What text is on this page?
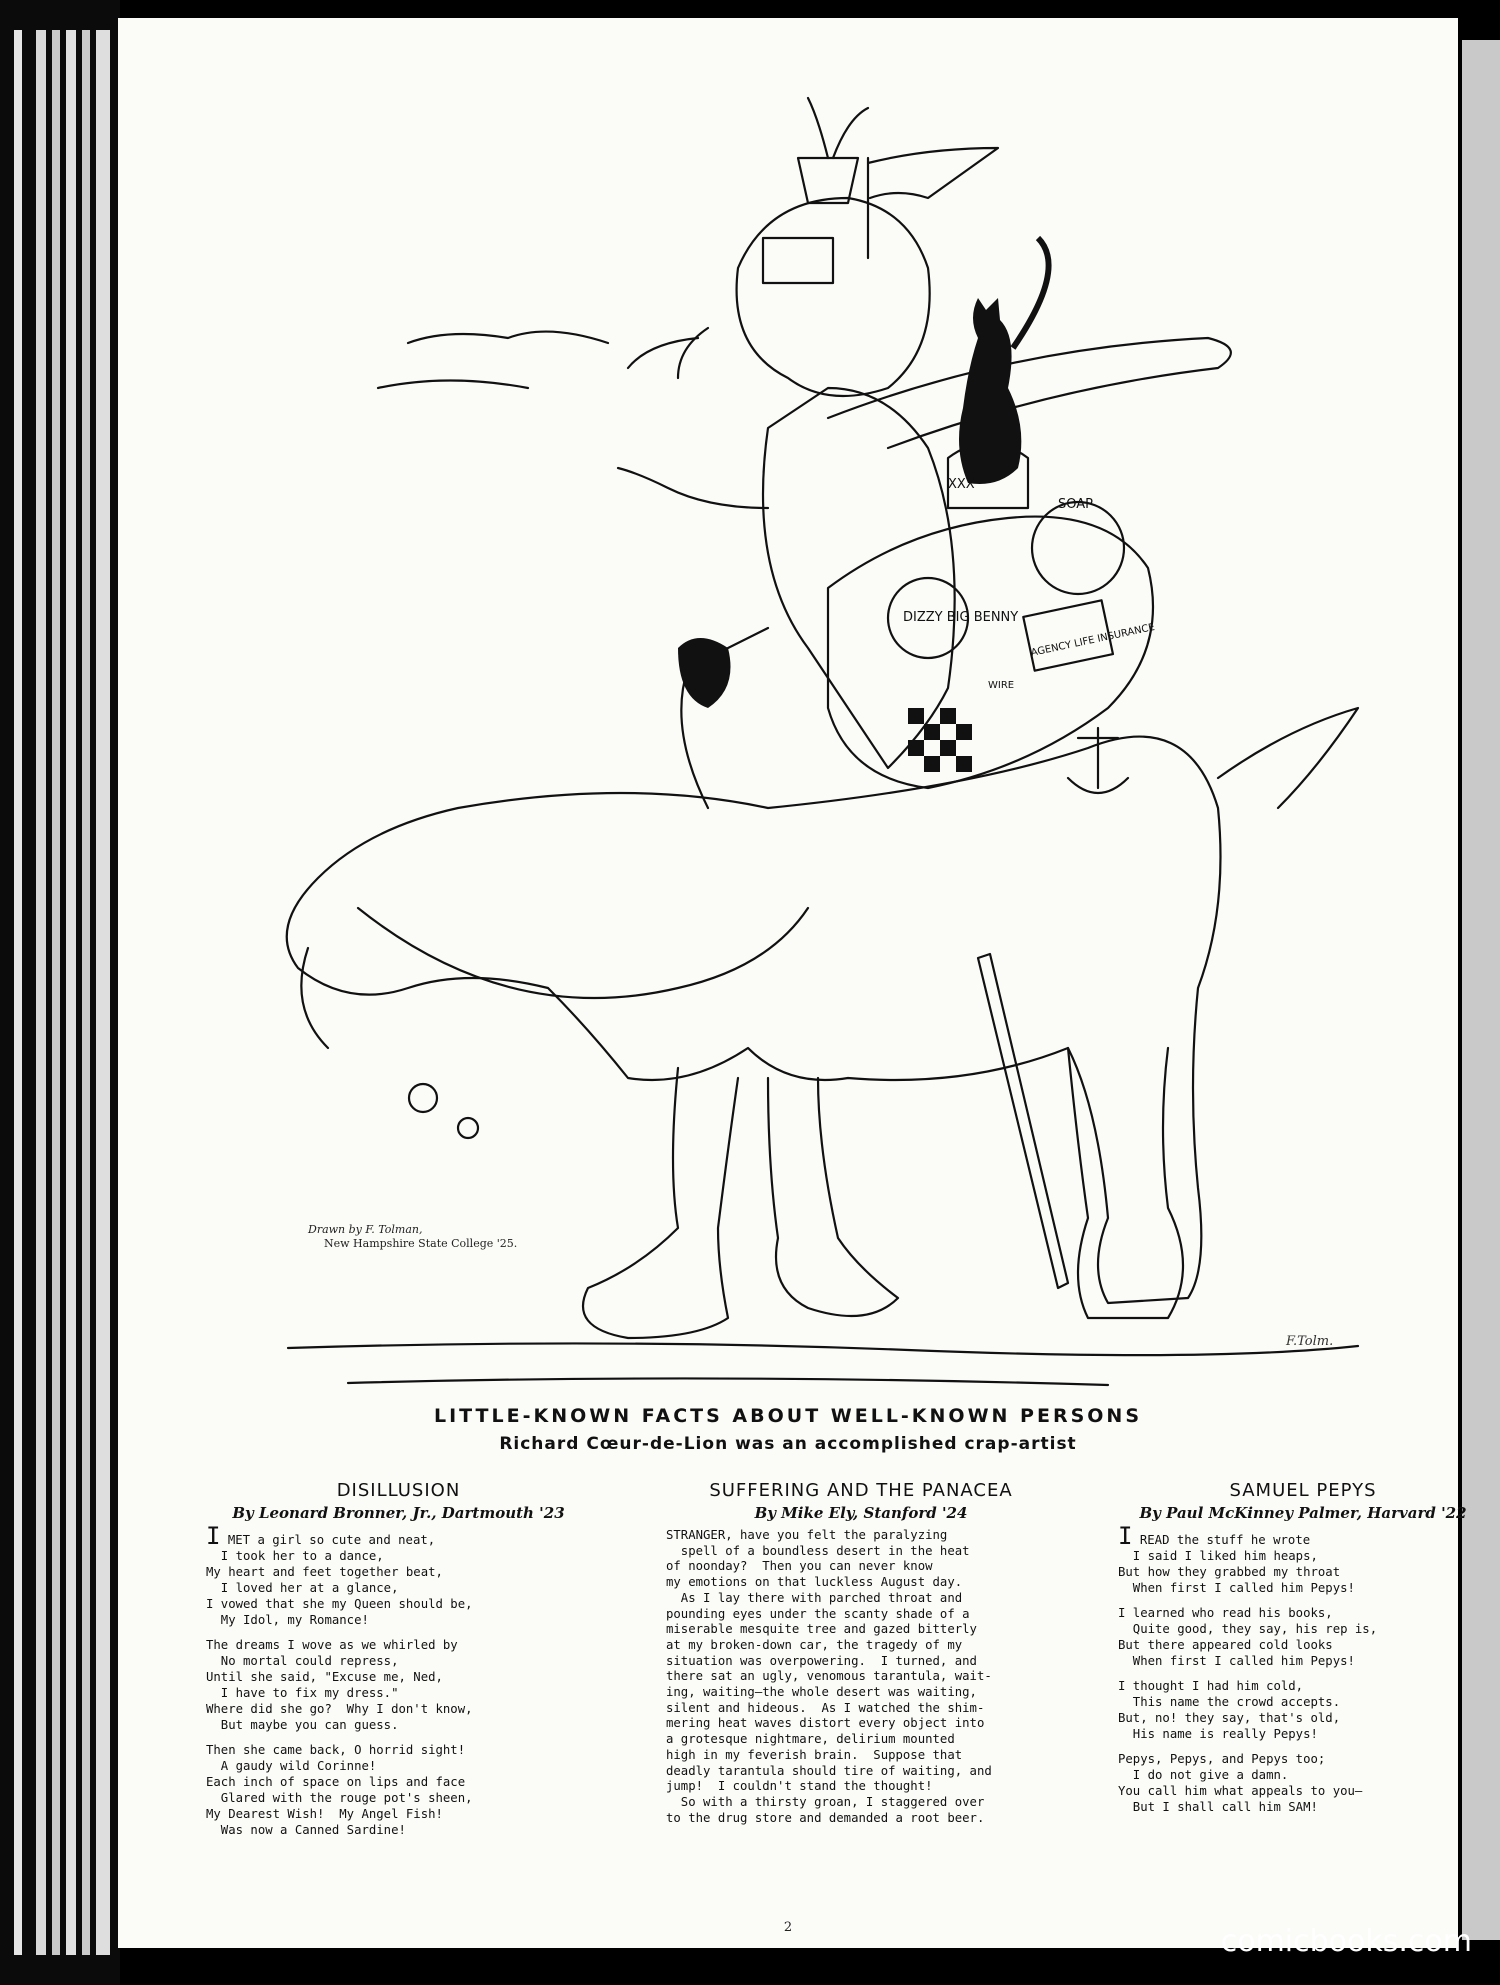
DIZZY BIG BENNY
XXX
SOAP
AGENCY LIFE INSURANCE
WIRE
Drawn by F. Tolman,
New Hampshire State College '25.
F.Tolm.
LITTLE-KNOWN FACTS ABOUT WELL-KNOWN PERSONS
Richard Cœur-de-Lion was an accomplished crap-artist
DISILLUSION
By Leonard Bronner, Jr., Dartmouth '23
I MET a girl so cute and neat,
I took her to a dance,
My heart and feet together beat,
I loved her at a glance,
I vowed that she my Queen should be,
My Idol, my Romance!
The dreams I wove as we whirled by
No mortal could repress,
Until she said, "Excuse me, Ned,
I have to fix my dress."
Where did she go?  Why I don't know,
But maybe you can guess.
Then she came back, O horrid sight!
A gaudy wild Corinne!
Each inch of space on lips and face
Glared with the rouge pot's sheen,
My Dearest Wish!  My Angel Fish!
Was now a Canned Sardine!
SUFFERING AND THE PANACEA
By Mike Ely, Stanford '24
STRANGER, have you felt the paralyzing
spell of a boundless desert in the heat
of noonday?  Then you can never know
my emotions on that luckless August day.
As I lay there with parched throat and
pounding eyes under the scanty shade of a
miserable mesquite tree and gazed bitterly
at my broken-down car, the tragedy of my
situation was overpowering.  I turned, and
there sat an ugly, venomous tarantula, wait-
ing, waiting—the whole desert was waiting,
silent and hideous.  As I watched the shim-
mering heat waves distort every object into
a grotesque nightmare, delirium mounted
high in my feverish brain.  Suppose that
deadly tarantula should tire of waiting, and
jump!  I couldn't stand the thought!
So with a thirsty groan, I staggered over
to the drug store and demanded a root beer.
SAMUEL PEPYS
By Paul McKinney Palmer, Harvard '22
I READ the stuff he wrote
I said I liked him heaps,
But how they grabbed my throat
When first I called him Pepys!
I learned who read his books,
Quite good, they say, his rep is,
But there appeared cold looks
When first I called him Pepys!
I thought I had him cold,
This name the crowd accepts.
But, no! they say, that's old,
His name is really Pepys!
Pepys, Pepys, and Pepys too;
I do not give a damn.
You call him what appeals to you—
But I shall call him SAM!
2	comicbooks.com
